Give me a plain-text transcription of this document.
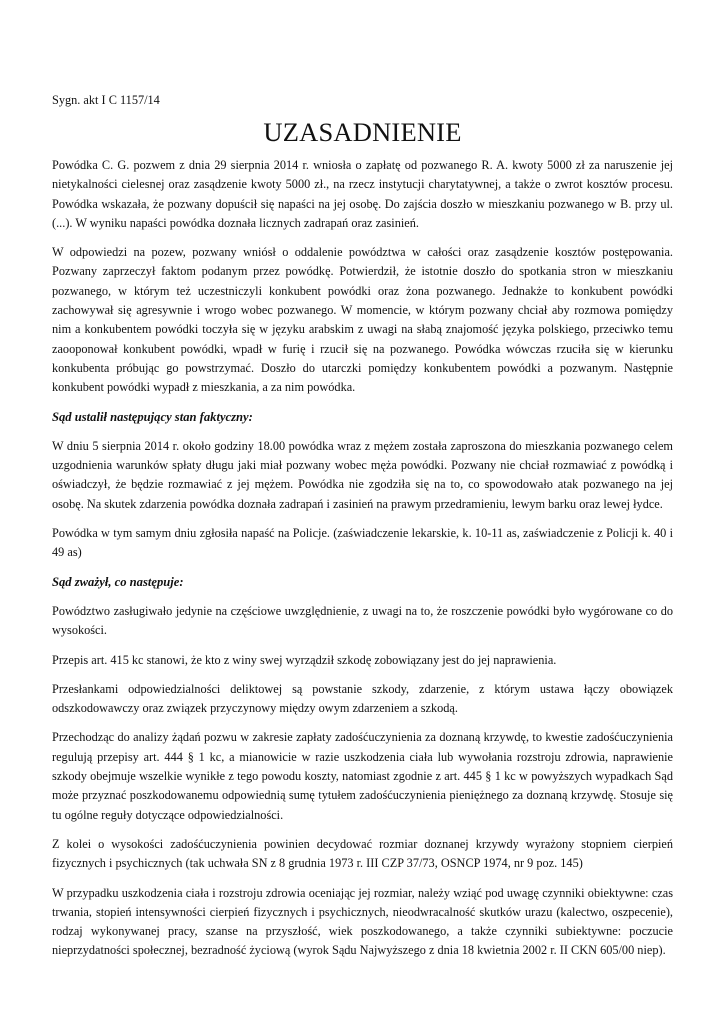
Sygn. akt I C 1157/14
UZASADNIENIE

Powódka C. G. pozwem z dnia 29 sierpnia 2014 r. wniosła o zapłatę od pozwanego R. A. kwoty 5000 zł za naruszenie jej nietykalności cielesnej oraz zasądzenie kwoty 5000 zł., na rzecz instytucji charytatywnej, a także o zwrot kosztów procesu. Powódka wskazała, że pozwany dopuścił się napaści na jej osobę. Do zajścia doszło w mieszkaniu pozwanego w B. przy ul. (...). W wyniku napaści powódka doznała licznych zadrapań oraz zasinień.

W odpowiedzi na pozew, pozwany wniósł o oddalenie powództwa w całości oraz zasądzenie kosztów postępowania. Pozwany zaprzeczył faktom podanym przez powódkę. Potwierdził, że istotnie doszło do spotkania stron w mieszkaniu pozwanego, w którym też uczestniczyli konkubent powódki oraz żona pozwanego. Jednakże to konkubent powódki zachowywał się agresywnie i wrogo wobec pozwanego. W momencie, w którym pozwany chciał aby rozmowa pomiędzy nim a konkubentem powódki toczyła się w języku arabskim z uwagi na słabą znajomość języka polskiego, przeciwko temu zaooponował konkubent powódki, wpadł w furię i rzucił się na pozwanego. Powódka wówczas rzuciła się w kierunku konkubenta próbując go powstrzymać. Doszło do utarczki pomiędzy konkubentem powódki a pozwanym. Następnie konkubent powódki wypadł z mieszkania, a za nim powódka.

Sąd ustalił następujący stan faktyczny:

W dniu 5 sierpnia 2014 r. około godziny 18.00 powódka wraz z mężem została zaproszona do mieszkania pozwanego celem uzgodnienia warunków spłaty długu jaki miał pozwany wobec męża powódki. Pozwany nie chciał rozmawiać z powódką i oświadczył, że będzie rozmawiać z jej mężem. Powódka nie zgodziła się na to, co spowodowało atak pozwanego na jej osobę. Na skutek zdarzenia powódka doznała zadrapań i zasinień na prawym przedramieniu, lewym barku oraz lewej łydce.

Powódka w tym samym dniu zgłosiła napaść na Policje. (zaświadczenie lekarskie, k. 10-11 as, zaświadczenie z Policji k. 40 i 49 as)

Sąd zważył, co następuje:

Powództwo zasługiwało jedynie na częściowe uwzględnienie, z uwagi na to, że roszczenie powódki było wygórowane co do wysokości.

Przepis art. 415 kc stanowi, że kto z winy swej wyrządził szkodę zobowiązany jest do jej naprawienia.

Przesłankami odpowiedzialności deliktowej są powstanie szkody, zdarzenie, z którym ustawa łączy obowiązek odszkodowawczy oraz związek przyczynowy między owym zdarzeniem a szkodą.

Przechodząc do analizy żądań pozwu w zakresie zapłaty zadośćuczynienia za doznaną krzywdę, to kwestie zadośćuczynienia regulują przepisy art. 444 § 1 kc, a mianowicie w razie uszkodzenia ciała lub wywołania rozstroju zdrowia, naprawienie szkody obejmuje wszelkie wynikłe z tego powodu koszty, natomiast zgodnie z art. 445 § 1 kc w powyższych wypadkach Sąd może przyznać poszkodowanemu odpowiednią sumę tytułem zadośćuczynienia pieniężnego za doznaną krzywdę. Stosuje się tu ogólne reguły dotyczące odpowiedzialności.

Z kolei o wysokości zadośćuczynienia powinien decydować rozmiar doznanej krzywdy wyrażony stopniem cierpień fizycznych i psychicznych (tak uchwała SN z 8 grudnia 1973 r. III CZP 37/73, OSNCP 1974, nr 9 poz. 145)

W przypadku uszkodzenia ciała i rozstroju zdrowia oceniając jej rozmiar, należy wziąć pod uwagę czynniki obiektywne: czas trwania, stopień intensywności cierpień fizycznych i psychicznych, nieodwracalność skutków urazu (kalectwo, oszpecenie), rodzaj wykonywanej pracy, szanse na przyszłość, wiek poszkodowanego, a także czynniki subiektywne: poczucie nieprzydatności społecznej, bezradność życiową (wyrok Sądu Najwyższego z dnia 18 kwietnia 2002 r. II CKN 605/00 niep).
